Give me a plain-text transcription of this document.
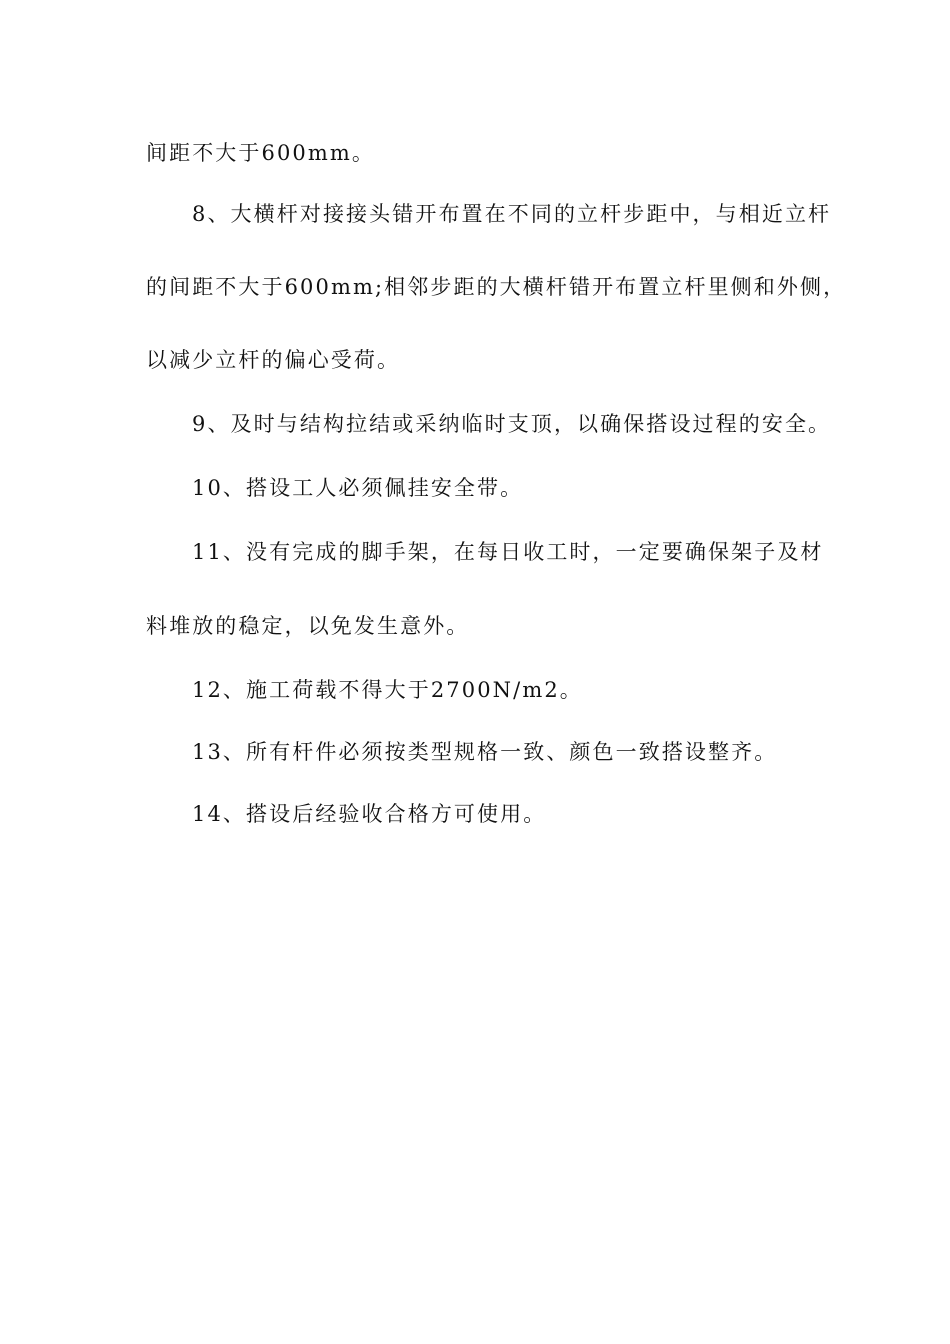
间距不大于600mm。
8、大横杆对接接头错开布置在不同的立杆步距中，与相近立杆
的间距不大于600mm;相邻步距的大横杆错开布置立杆里侧和外侧，
以减少立杆的偏心受荷。
9、及时与结构拉结或采纳临时支顶，以确保搭设过程的安全。
10、搭设工人必须佩挂安全带。
11、没有完成的脚手架，在每日收工时，一定要确保架子及材
料堆放的稳定，以免发生意外。
12、施工荷载不得大于2700N/m2。
13、所有杆件必须按类型规格一致、颜色一致搭设整齐。
14、搭设后经验收合格方可使用。
